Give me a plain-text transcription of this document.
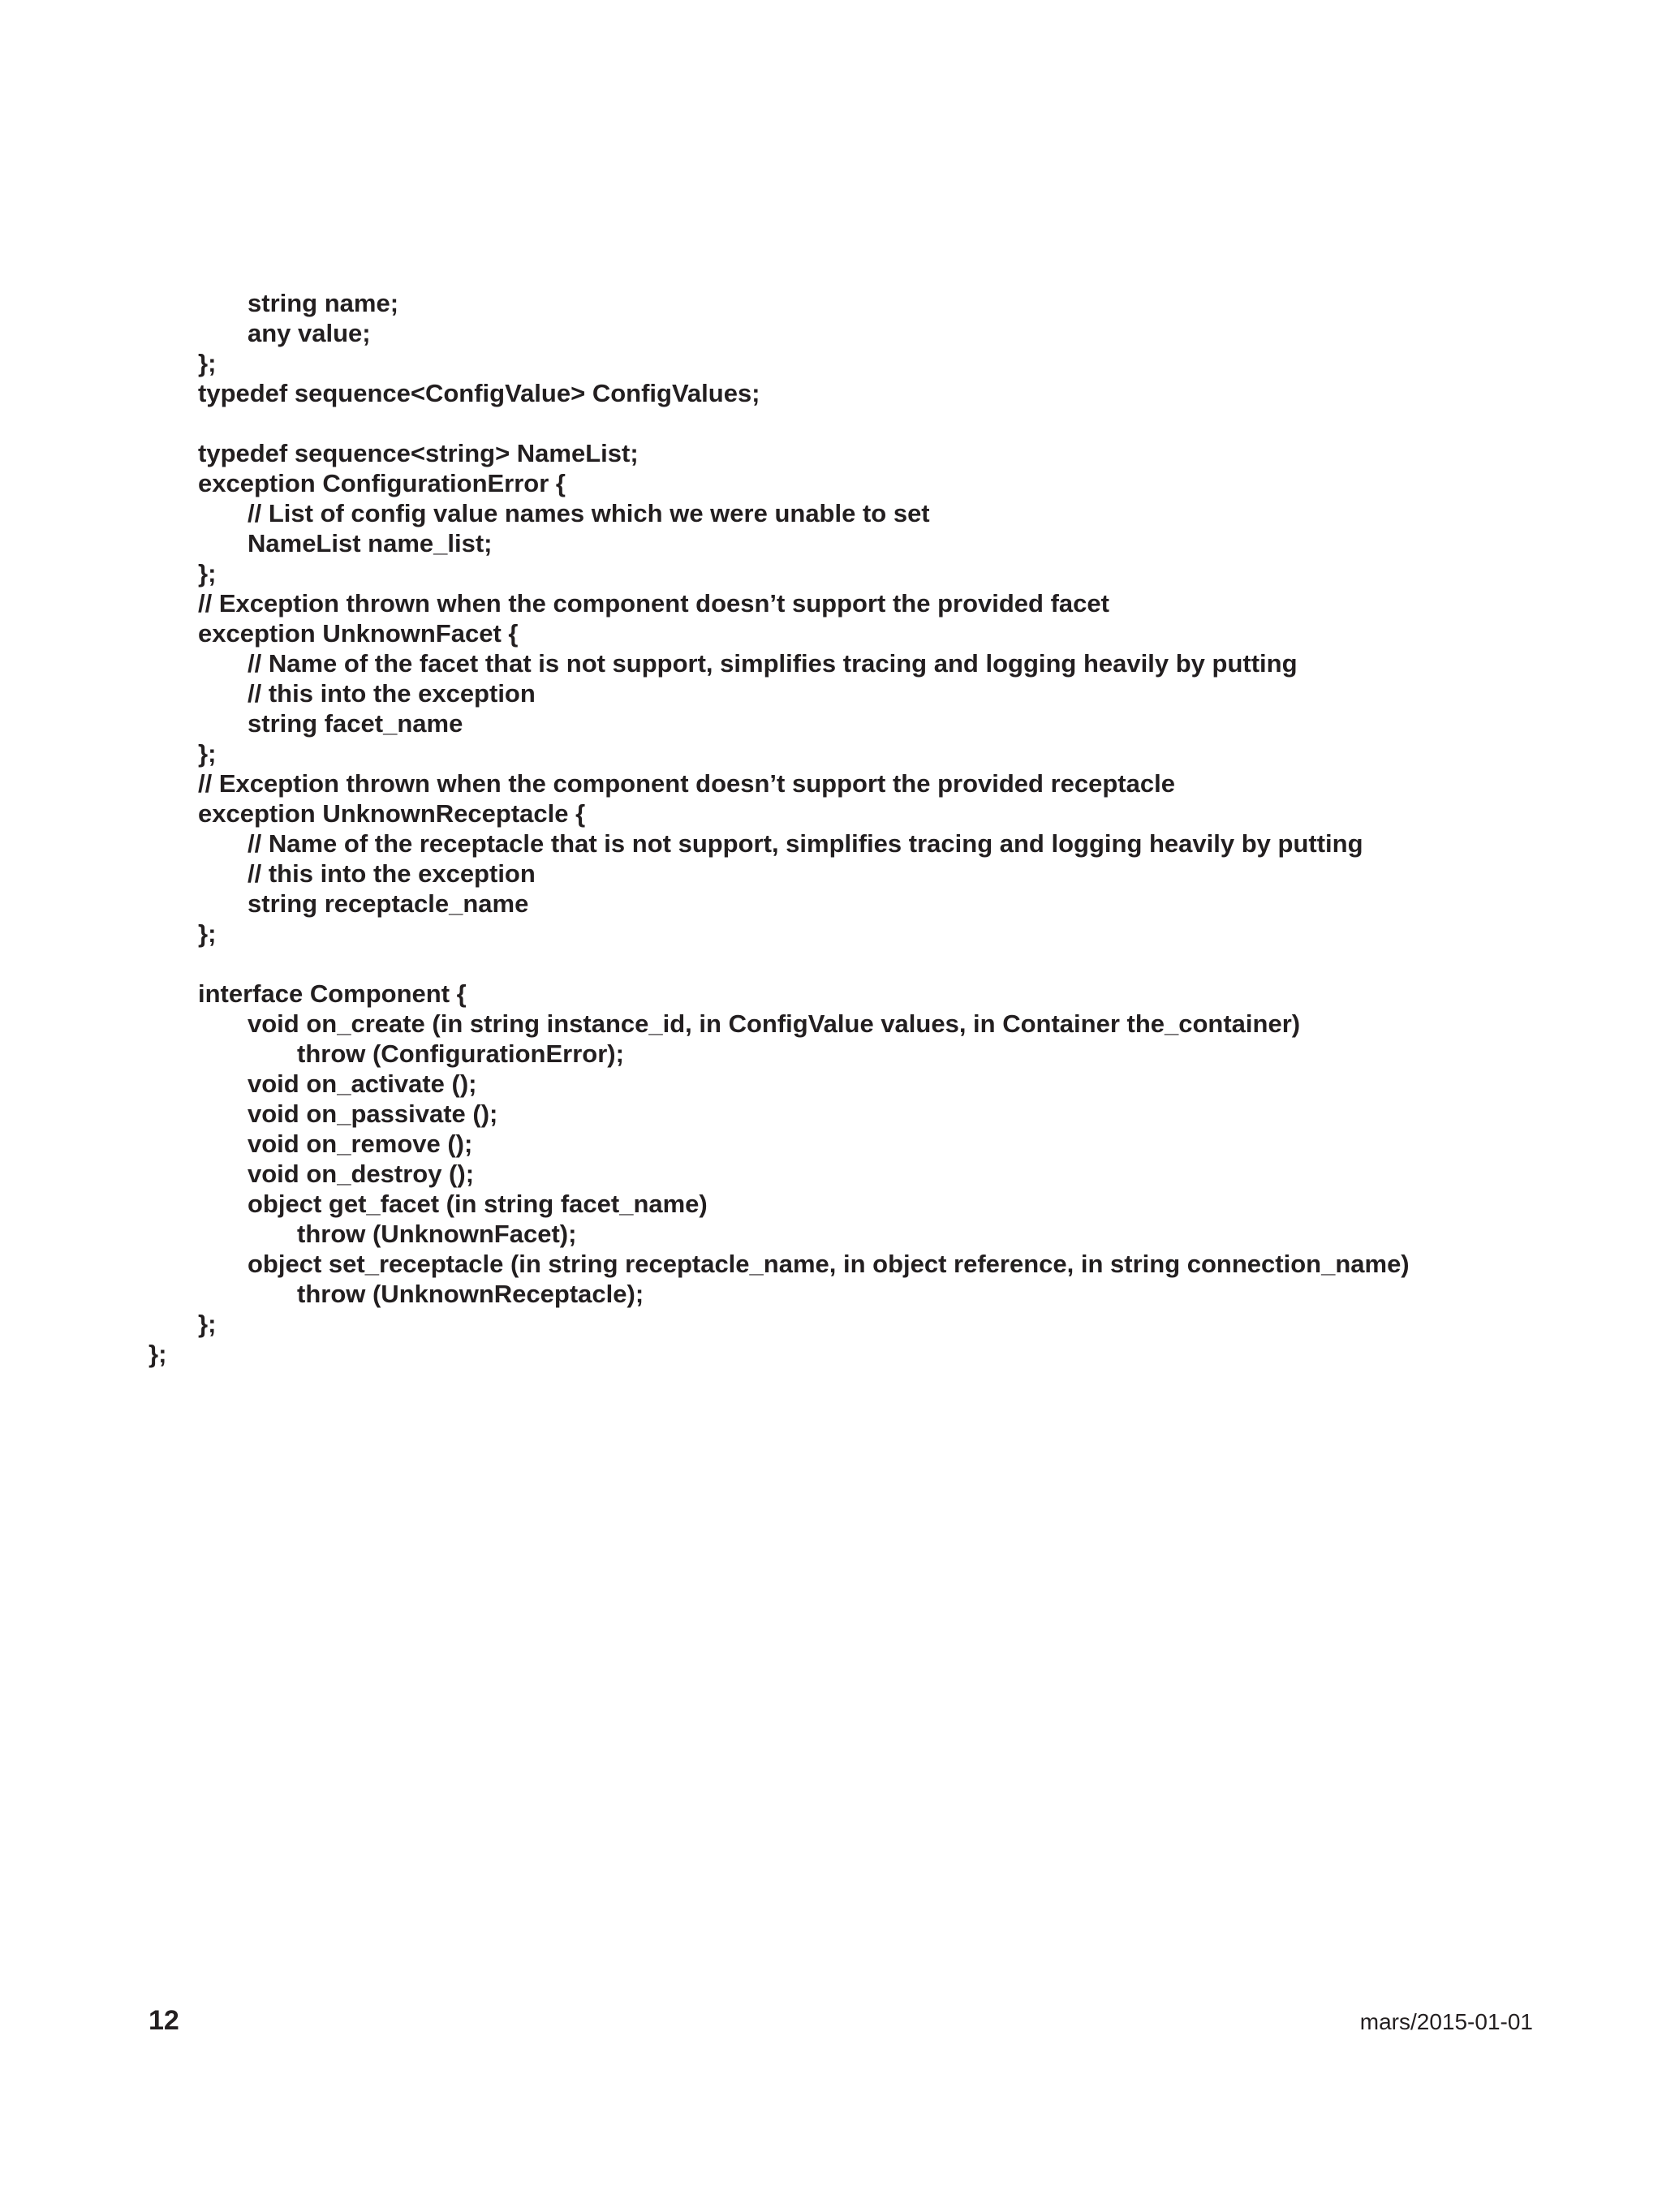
string name;
any value;
};
typedef sequence<ConfigValue> ConfigValues;
typedef sequence<string> NameList;
exception ConfigurationError {
// List of config value names which we were unable to set
NameList name_list;
};
// Exception thrown when the component doesn’t support the provided facet
exception UnknownFacet {
// Name of the facet that is not support, simplifies tracing and logging heavily by putting
// this into the exception
string facet_name
};
// Exception thrown when the component doesn’t support the provided receptacle
exception UnknownReceptacle {
// Name of the receptacle that is not support, simplifies tracing and logging heavily by putting
// this into the exception
string receptacle_name
};
interface Component {
void on_create (in string instance_id, in ConfigValue values, in Container the_container)
throw (ConfigurationError);
void on_activate ();
void on_passivate ();
void on_remove ();
void on_destroy ();
object get_facet (in string facet_name)
throw (UnknownFacet);
object set_receptacle (in string receptacle_name, in object reference, in string connection_name)
throw (UnknownReceptacle);
};
};
12	mars/2015-01-01
